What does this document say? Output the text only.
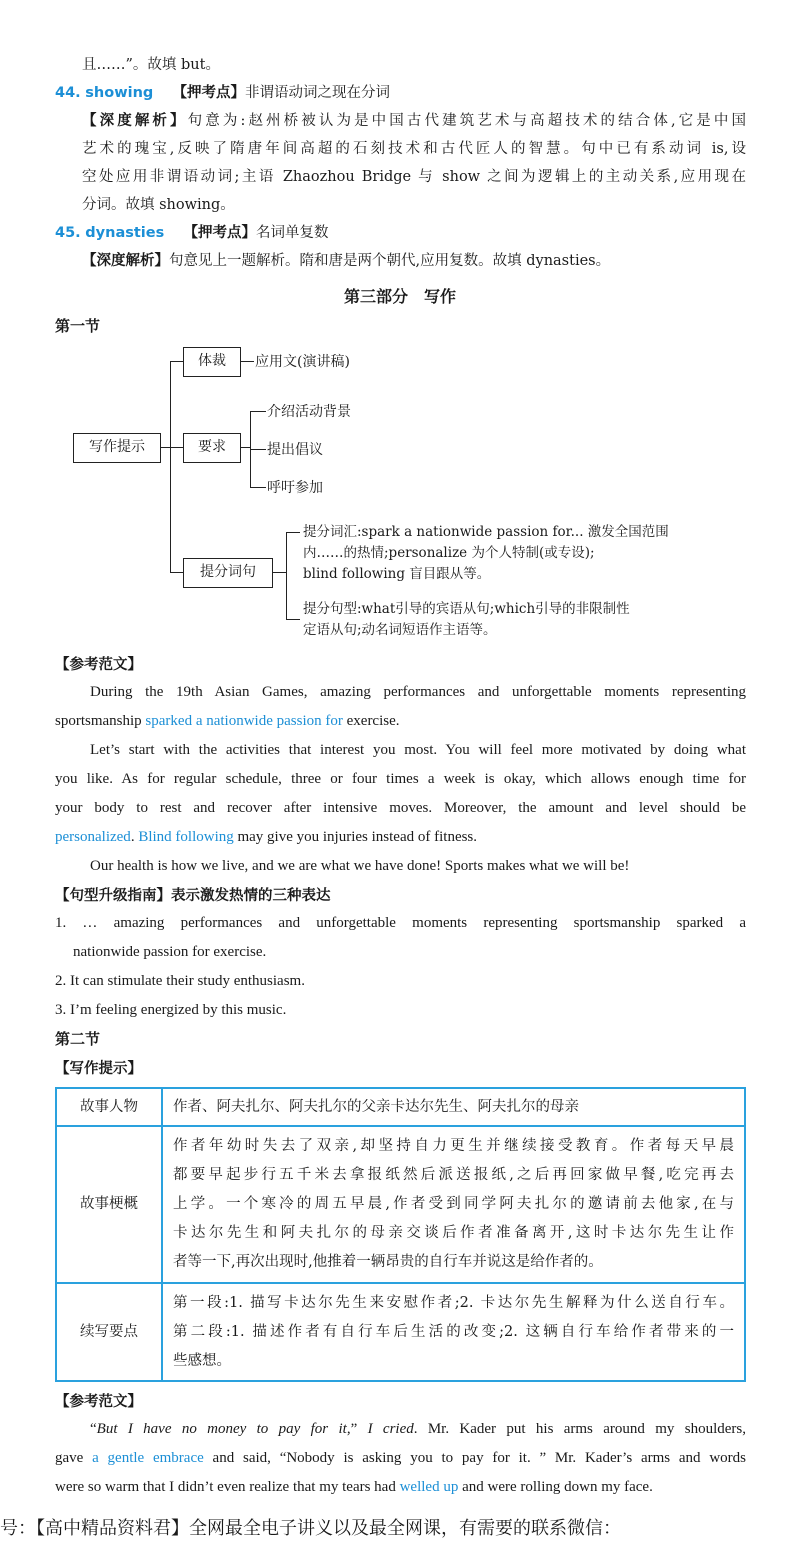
且……”。故填 but。
44. showing 【押考点】非谓语动词之现在分词
【深度解析】句意为:赵州桥被认为是中国古代建筑艺术与高超技术的结合体,它是中国
艺术的瑰宝,反映了隋唐年间高超的石刻技术和古代匠人的智慧。句中已有系动词 is,设
空处应用非谓语动词;主语 Zhaozhou Bridge 与 show 之间为逻辑上的主动关系,应用现在
分词。故填 showing。
45. dynasties 【押考点】名词单复数
【深度解析】句意见上一题解析。隋和唐是两个朝代,应用复数。故填 dynasties。
第三部分　写作
第一节
写作提示
体裁	应用文(演讲稿)
要求
介绍活动背景
提出倡议
呼吁参加
提分词句
提分词汇:spark a nationwide passion for... 激发全国范围
内……的热情;personalize 为个人特制(或专设);
blind following 盲目跟从等。
提分句型:what引导的宾语从句;which引导的非限制性
定语从句;动名词短语作主语等。
【参考范文】
During the 19th Asian Games, amazing performances and unforgettable moments representing
sportsmanship sparked a nationwide passion for exercise.
Let’s start with the activities that interest you most. You will feel more motivated by doing what
you like. As for regular schedule, three or four times a week is okay, which allows enough time for
your body to rest and recover after intensive moves. Moreover, the amount and level should be
personalized. Blind following may give you injuries instead of fitness.
Our health is how we live, and we are what we have done! Sports makes what we will be!
【句型升级指南】表示激发热情的三种表达
1. … amazing performances and unforgettable moments representing sportsmanship sparked a
nationwide passion for exercise.
2. It can stimulate their study enthusiasm.
3. I’m feeling energized by this music.
第二节
【写作提示】
故事人物	作者、阿夫扎尔、阿夫扎尔的父亲卡达尔先生、阿夫扎尔的母亲

故事梗概	作者年幼时失去了双亲,却坚持自力更生并继续接受教育。作者每天早晨
都要早起步行五千米去拿报纸然后派送报纸,之后再回家做早餐,吃完再去
上学。一个寒冷的周五早晨,作者受到同学阿夫扎尔的邀请前去他家,在与
卡达尔先生和阿夫扎尔的母亲交谈后作者准备离开,这时卡达尔先生让作
者等一下,再次出现时,他推着一辆昂贵的自行车并说这是给作者的。

续写要点	第一段:1. 描写卡达尔先生来安慰作者;2. 卡达尔先生解释为什么送自行车。
第二段:1. 描述作者有自行车后生活的改变;2. 这辆自行车给作者带来的一
些感想。
【参考范文】
“But I have no money to pay for it,” I cried. Mr. Kader put his arms around my shoulders,
gave a gentle embrace and said, “Nobody is asking you to pay for it. ” Mr. Kader’s arms and words
were so warm that I didn’t even realize that my tears had welled up and were rolling down my face.
号：【高中精品资料君】全网最全电子讲义以及最全网课，有需要的联系微信：
